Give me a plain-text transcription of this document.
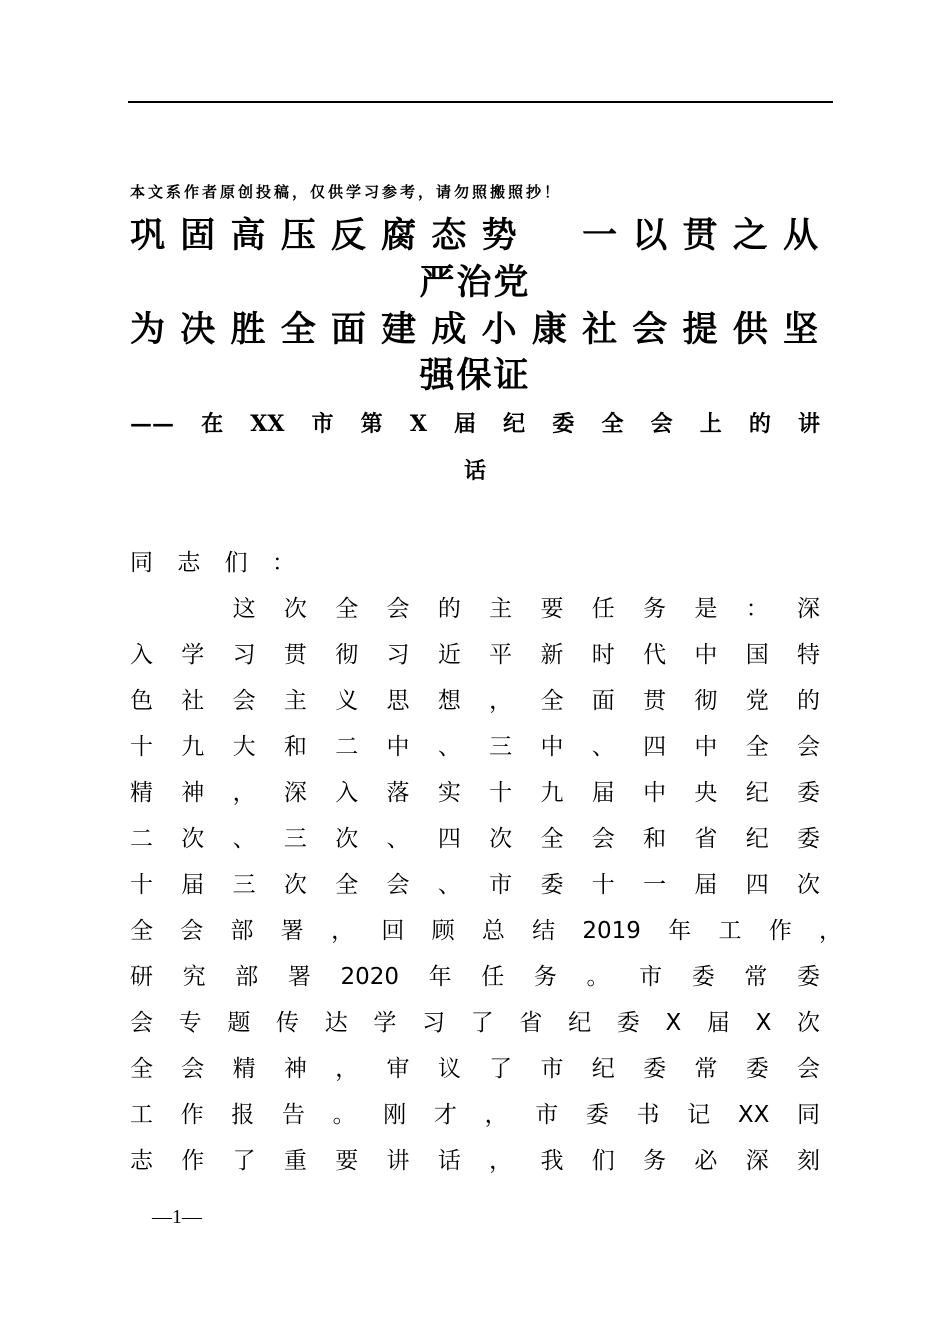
本文系作者原创投稿，仅供学习参考，请勿照搬照抄！
巩固高压反腐态势　一以贯之从
严治党
为决胜全面建成小康社会提供坚
强保证
——在XX市第X届纪委全会上的讲
话
同志们：
　　这次全会的主要任务是：深
入学习贯彻习近平新时代中国特
色社会主义思想，全面贯彻党的
十九大和二中、三中、四中全会
精神，深入落实十九届中央纪委
二次、三次、四次全会和省纪委
十届三次全会、市委十一届四次
全会部署，回顾总结2019年工作，
研究部署2020年任务。市委常委
会专题传达学习了省纪委X届X次
全会精神，审议了市纪委常委会
工作报告。刚才，市委书记XX同
志作了重要讲话，我们务必深刻
—1—
